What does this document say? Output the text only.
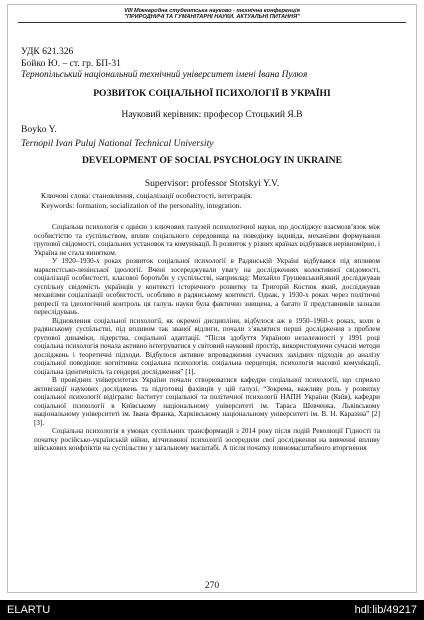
VIII Міжнародна студентська науково - технічна конференція
"ПРИРОДНИЧІ ТА ГУМАНІТАРНІ НАУКИ. АКТУАЛЬНІ ПИТАННЯ"
УДК 621.326
Бойко Ю. – ст. гр. БП-31
Тернопільський національний технічний університет імені Івана Пулюя
РОЗВИТОК СОЦІАЛЬНОЇ ПСИХОЛОГІЇ В УКРАЇНІ
Науковий керівник: професор Стоцький Я.В
Boyko Y.
Ternopil Ivan Puluj National Technical University
DEVELOPMENT OF SOCIAL PSYCHOLOGY IN UKRAINE
Supervisor: professor Stotskyi Y.V.
Ключові слова: становлення, соціалізації особистості, інтеграція.
Keywords: formation, socialization of the personality, integration.

Соціальна психологія є однією з ключових галузей психологічної науки, що досліджує взаємозв’язок між особистістю та суспільством, вплив соціального середовища на поведінку індивіда, механізми формування групової свідомості, соціальних установок та комунікації. Її розвиток у різних країнах відбувався нерівномірно, і Україна не стала винятком.

У 1920–1930-х роках розвиток соціальної психології в Радянській Україні відбувався під впливом марксистсько-ленінської ідеології. Вчені зосереджували увагу на дослідженнях колективної свідомості, соціалізації особистості, класової боротьби у суспільстві, наприклад: Михайло Грушевський,який досліджував суспільну свідомість українців у контексті історичного розвитку та Григорій Костюк який, досліджував механізми соціалізації особистості, особливо в радянському контексті. Однак, у 1930-х роках через політичні репресії та ідеологічний контроль ця галузь науки була фактично знищена, а багато її представників зазнали переслідувань.

Відновлення соціальної психології, як окремої дисципліни, відбулося аж в 1950–1960-х роках, коли в радянському суспільстві, під впливом так званої відлиги, почали з’являтися перші дослідження з проблем групової динаміки, лідерства, соціальної адаптації. “Після здобуття Україною незалежності у 1991 році соціальна психологія почала активно інтегруватися у світовий науковий простір, використовуючи сучасні методи досліджень і теоретичні підходи. Відбулося активне впровадження сучасних західних підходів до аналізу соціальної поведінки: когнітивна соціальна психологія, соціальна перцепція, психологія масової комунікації, соціальна ідентичність та гендерні дослідження” [1].

В провідних університетах України почали створюватися кафедри соціальної психології, що сприяло активізації наукових досліджень та підготовці фахівців у цій галузі. “Зокрема, важливу роль у розвитку соціальної психології відіграли: Інститут соціальної та політичної психології НАПН України (Київ), кафедри соціальної психології в Київському національному університеті ім. Тараса Шевченка, Львівському національному університеті ім. Івана Франка, Харківському національному університеті ім. В. Н. Каразіна” [2] [3].

Соціальна психологія в умовах суспільних трансформацій з 2014 року після подій Революції Гідності та початку російсько-українській війни, вітчизняної психології зосередили свої дослідження на вивченні впливу військових конфліктів на суспільство у загальному масштабі. А після початку повномасштабного вторгнення

270
ELARTU	hdl:lib/49217
